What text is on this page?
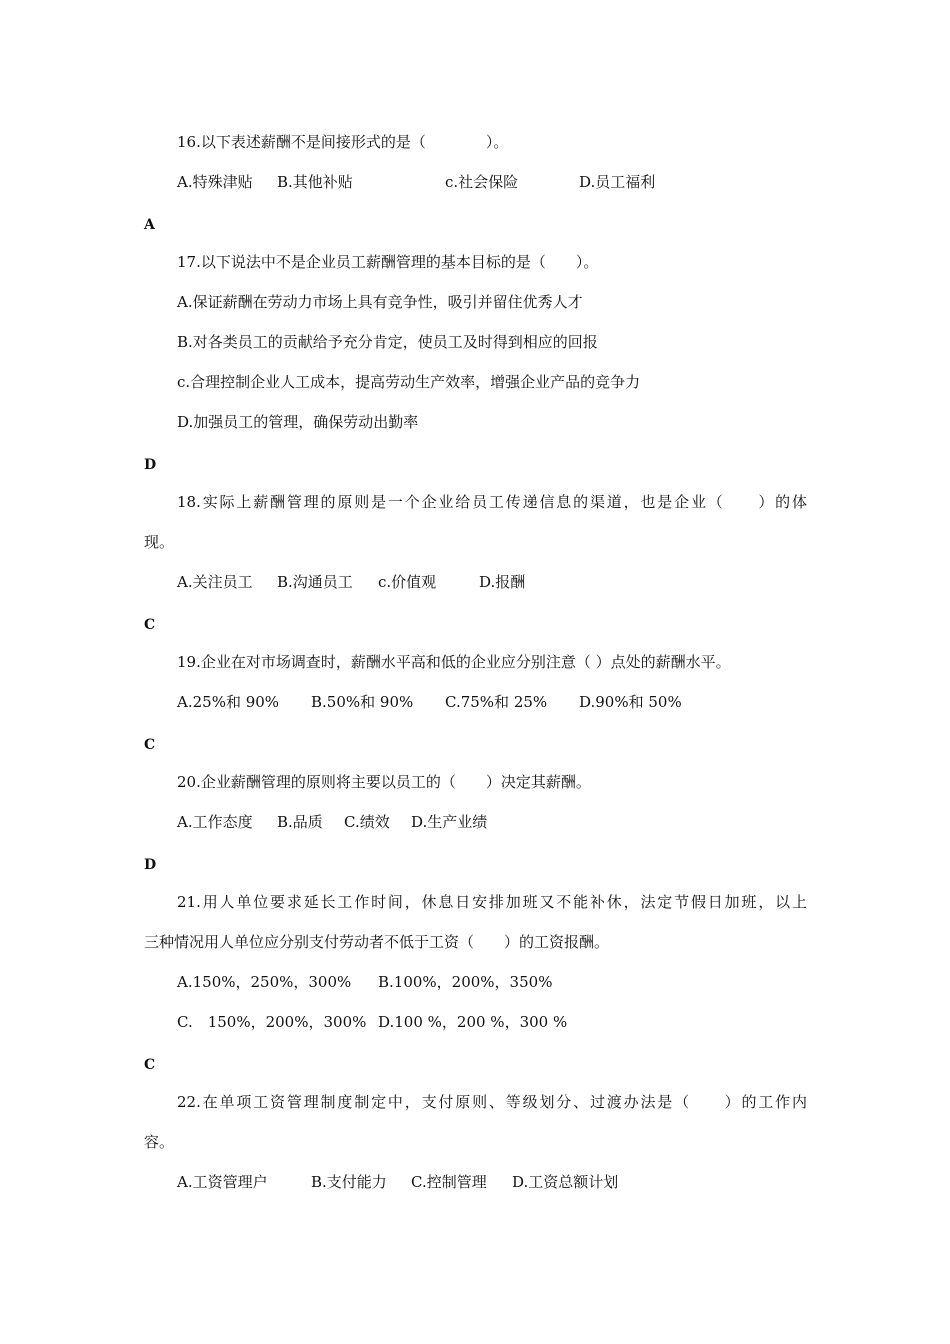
16.以下表述薪酬不是间接形式的是（　　　　）。
A.特殊津贴 B.其他补贴	c.社会保险	D.员工福利
A
17.以下说法中不是企业员工薪酬管理的基本目标的是（　　）。
A.保证薪酬在劳动力市场上具有竞争性，吸引并留住优秀人才
B.对各类员工的贡献给予充分肯定，使员工及时得到相应的回报
c.合理控制企业人工成本，提高劳动生产效率，增强企业产品的竞争力
D.加强员工的管理，确保劳动出勤率
D
18.实际上薪酬管理的原则是一个企业给员工传递信息的渠道，也是企业（　　）的体
现。
A.关注员工 B.沟通员工 c.价值观	D.报酬
C
19.企业在对市场调查时，薪酬水平高和低的企业应分别注意（ ）点处的薪酬水平。
A.25%和 90% B.50%和 90% C.75%和 25% D.90%和 50%
C
20.企业薪酬管理的原则将主要以员工的（　　）决定其薪酬。
A.工作态度 B.品质 C.绩效 D.生产业绩
D
21.用人单位要求延长工作时间，休息日安排加班又不能补休，法定节假日加班，以上
三种情况用人单位应分别支付劳动者不低于工资（　　）的工资报酬。
A.150%，250%，300% B.100%，200%，350%
C.　150%，200%，300% D.100 %，200 %，300 %
C
22.在单项工资管理制度制定中，支付原则、等级划分、过渡办法是（　　）的工作内
容。
A.工资管理户	B.支付能力 C.控制管理 D.工资总额计划
